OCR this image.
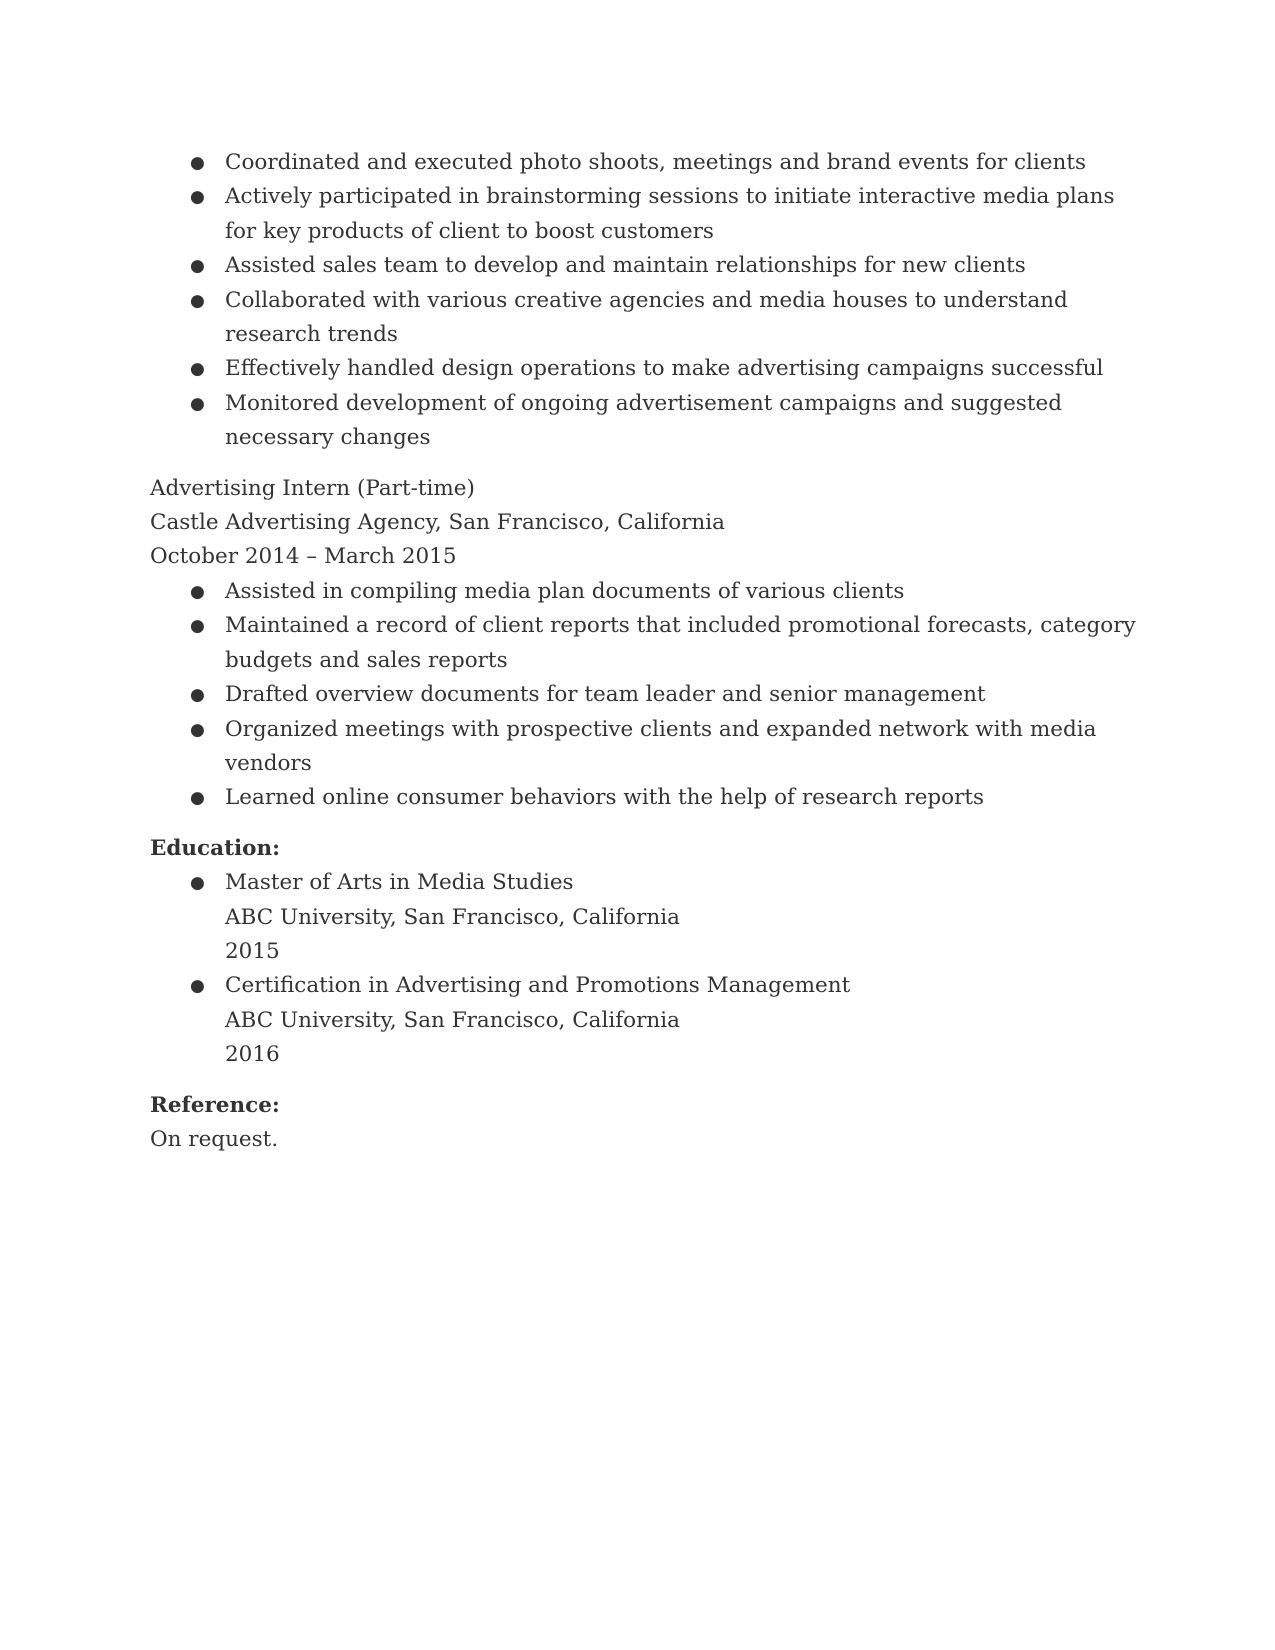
● Coordinated and executed photo shoots, meetings and brand events for clients
● Actively participated in brainstorming sessions to initiate interactive media plans for key products of client to boost customers
● Assisted sales team to develop and maintain relationships for new clients
● Collaborated with various creative agencies and media houses to understand research trends
● Effectively handled design operations to make advertising campaigns successful
● Monitored development of ongoing advertisement campaigns and suggested necessary changes
Advertising Intern (Part-time)
Castle Advertising Agency, San Francisco, California
October 2014 – March 2015
● Assisted in compiling media plan documents of various clients
● Maintained a record of client reports that included promotional forecasts, category budgets and sales reports
● Drafted overview documents for team leader and senior management
● Organized meetings with prospective clients and expanded network with media vendors
● Learned online consumer behaviors with the help of research reports
Education:
● Master of Arts in Media Studies
ABC University, San Francisco, California
2015
● Certification in Advertising and Promotions Management
ABC University, San Francisco, California
2016
Reference:
On request.
